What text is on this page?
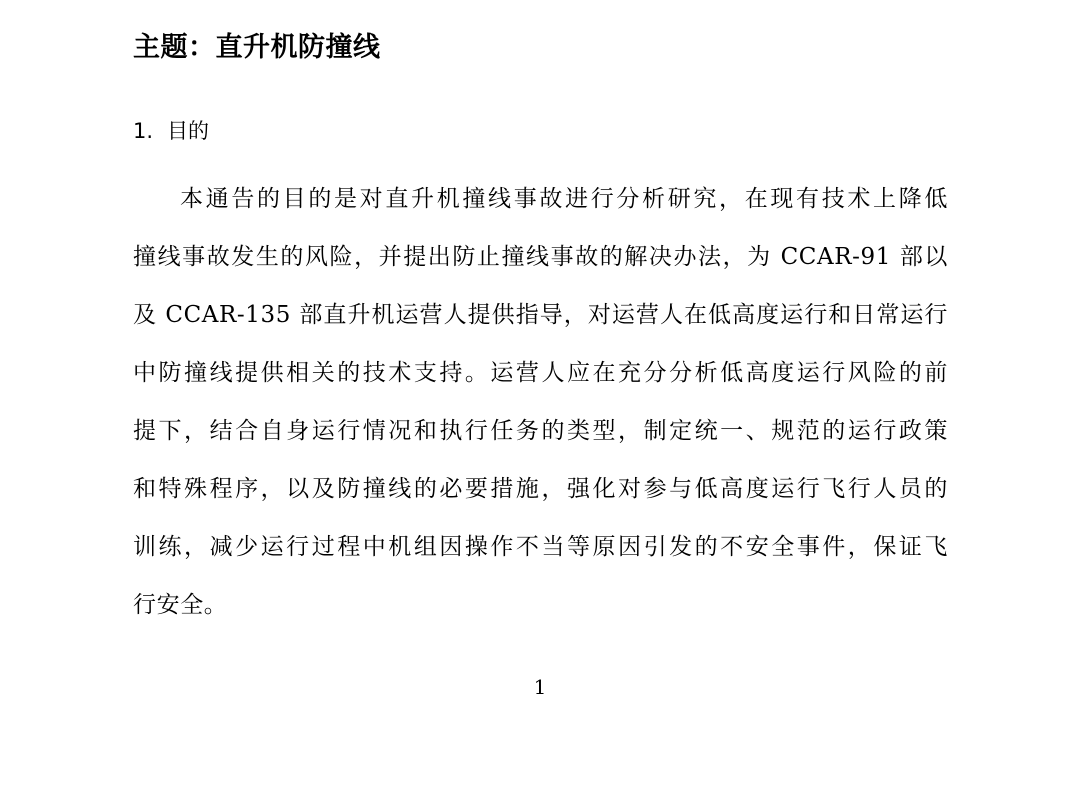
主题：直升机防撞线
1. 目的
本通告的目的是对直升机撞线事故进行分析研究，在现有技术上降低
撞线事故发生的风险，并提出防止撞线事故的解决办法，为 CCAR-91 部以
及 CCAR-135 部直升机运营人提供指导，对运营人在低高度运行和日常运行
中防撞线提供相关的技术支持。运营人应在充分分析低高度运行风险的前
提下，结合自身运行情况和执行任务的类型，制定统一、规范的运行政策
和特殊程序，以及防撞线的必要措施，强化对参与低高度运行飞行人员的
训练，减少运行过程中机组因操作不当等原因引发的不安全事件，保证飞
行安全。
1
